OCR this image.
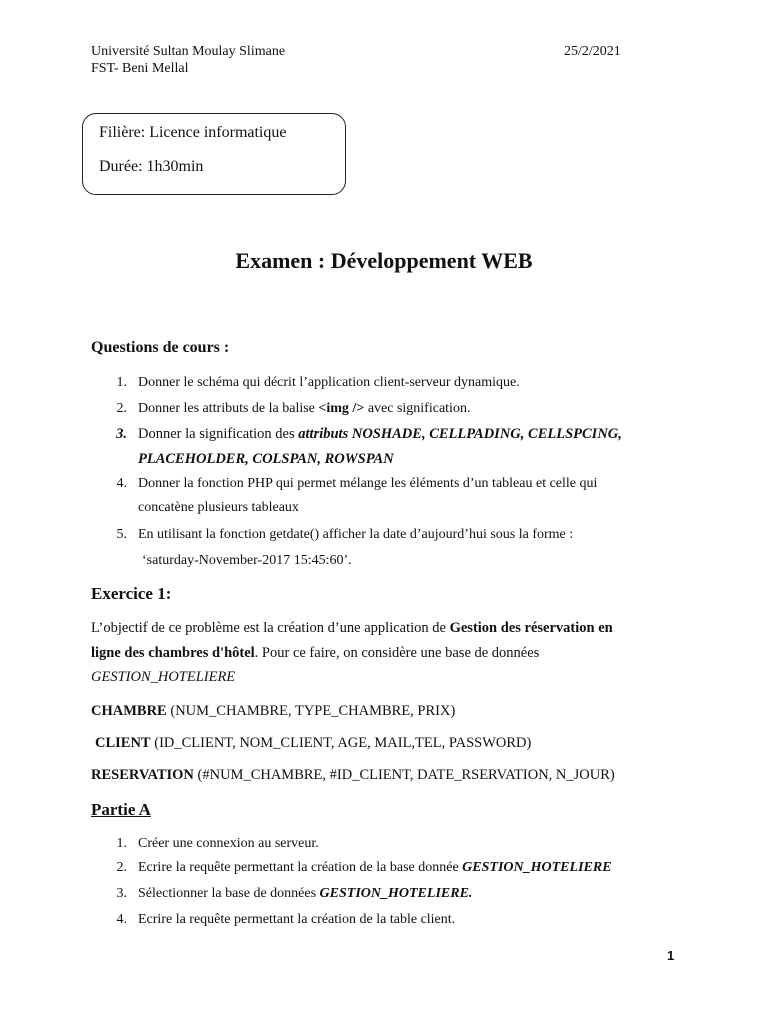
Université Sultan Moulay Slimane
FST- Beni Mellal
25/2/2021
Filière: Licence informatique
Durée: 1h30min
Examen : Développement WEB
Questions de cours :
1. Donner le schéma qui décrit l’application client-serveur dynamique.
2. Donner les attributs de la balise <img /> avec signification.
3. Donner la signification des attributs NOSHADE, CELLPADING, CELLSPCING,
PLACEHOLDER, COLSPAN, ROWSPAN
4. Donner la fonction PHP qui permet mélange les éléments d’un tableau et celle qui
concatène plusieurs tableaux
5. En utilisant la fonction getdate() afficher la date d’aujourd’hui sous la forme :
‘saturday-November-2017 15:45:60’.
Exercice 1:
L’objectif de ce problème est la création d’une application de Gestion des réservation en
ligne des chambres d'hôtel. Pour ce faire, on considère une base de données
GESTION_HOTELIERE
CHAMBRE (NUM_CHAMBRE, TYPE_CHAMBRE, PRIX)
CLIENT (ID_CLIENT, NOM_CLIENT, AGE, MAIL,TEL, PASSWORD)
RESERVATION (#NUM_CHAMBRE, #ID_CLIENT, DATE_RSERVATION, N_JOUR)
Partie A
1. Créer une connexion au serveur.
2. Ecrire la requête permettant la création de la base donnée GESTION_HOTELIERE
3. Sélectionner la base de données GESTION_HOTELIERE.
4. Ecrire la requête permettant la création de la table client.
1
